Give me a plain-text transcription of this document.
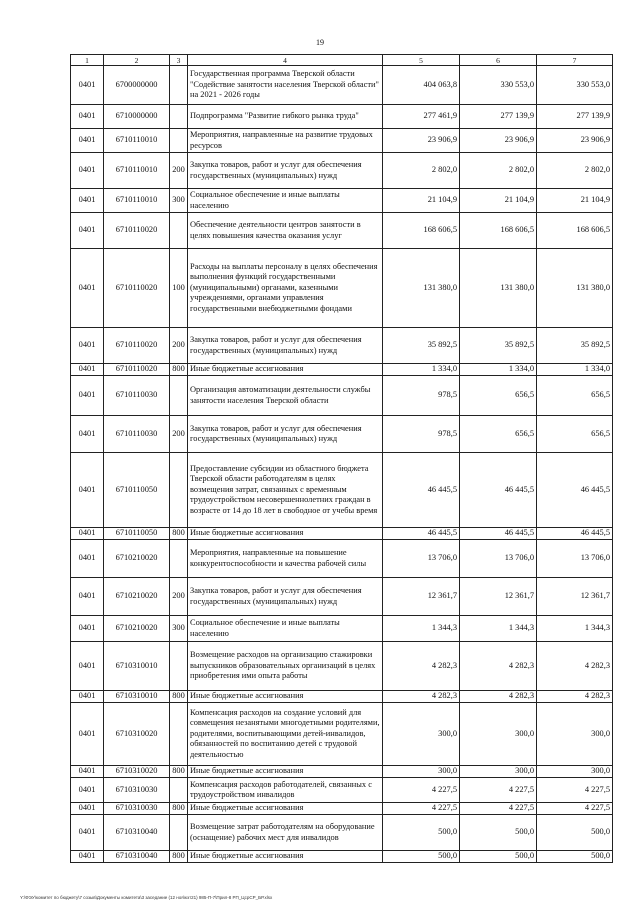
19
1	2	3	4	5	6	7
0401	6700000000		Государственная программа Тверской области "Содействие занятости населения Тверской области" на 2021 - 2026 годы	404 063,8	330 553,0	330 553,0
0401	6710000000		Подпрограмма "Развитие гибкого рынка труда"	277 461,9	277 139,9	277 139,9
0401	6710110010		Мероприятия, направленные на развитие трудовых ресурсов	23 906,9	23 906,9	23 906,9
0401	6710110010	200	Закупка товаров, работ и услуг для обеспечения государственных (муниципальных) нужд	2 802,0	2 802,0	2 802,0
0401	6710110010	300	Социальное обеспечение и иные выплаты населению	21 104,9	21 104,9	21 104,9
0401	6710110020		Обеспечение деятельности центров занятости в целях повышения качества оказания услуг	168 606,5	168 606,5	168 606,5
0401	6710110020	100	Расходы на выплаты персоналу в целях обеспечения выполнения функций государственными (муниципальными) органами, казенными учреждениями, органами управления государственными внебюджетными фондами	131 380,0	131 380,0	131 380,0
0401	6710110020	200	Закупка товаров, работ и услуг для обеспечения государственных (муниципальных) нужд	35 892,5	35 892,5	35 892,5
0401	6710110020	800	Иные бюджетные ассигнования	1 334,0	1 334,0	1 334,0
0401	6710110030		Организация автоматизации деятельности службы занятости населения Тверской области	978,5	656,5	656,5
0401	6710110030	200	Закупка товаров, работ и услуг для обеспечения государственных (муниципальных) нужд	978,5	656,5	656,5
0401	6710110050		Предоставление субсидии из областного бюджета Тверской области работодателям в целях возмещения затрат, связанных с временным трудоустройством несовершеннолетних граждан в возрасте от 14 до 18 лет в свободное от учебы время	46 445,5	46 445,5	46 445,5
0401	6710110050	800	Иные бюджетные ассигнования	46 445,5	46 445,5	46 445,5
0401	6710210020		Мероприятия, направленные на повышение конкурентоспособности и качества рабочей силы	13 706,0	13 706,0	13 706,0
0401	6710210020	200	Закупка товаров, работ и услуг для обеспечения государственных (муниципальных) нужд	12 361,7	12 361,7	12 361,7
0401	6710210020	300	Социальное обеспечение и иные выплаты населению	1 344,3	1 344,3	1 344,3
0401	6710310010		Возмещение расходов на организацию стажировки выпускников образовательных организаций в целях приобретения ими опыта работы	4 282,3	4 282,3	4 282,3
0401	6710310010	800	Иные бюджетные ассигнования	4 282,3	4 282,3	4 282,3
0401	6710310020		Компенсация расходов на создание условий для совмещения незанятыми многодетными родителями, родителями, воспитывающими детей-инвалидов, обязанностей по воспитанию детей с трудовой деятельностью	300,0	300,0	300,0
0401	6710310020	800	Иные бюджетные ассигнования	300,0	300,0	300,0
0401	6710310030		Компенсация расходов работодателей, связанных с трудоустройством инвалидов	4 227,5	4 227,5	4 227,5
0401	6710310030	800	Иные бюджетные ассигнования	4 227,5	4 227,5	4 227,5
0401	6710310040		Возмещение затрат работодателям на оборудование (оснащение) рабочих мест для инвалидов	500,0	500,0	500,0
0401	6710310040	800	Иные бюджетные ассигнования	500,0	500,0	500,0
Y:\ФЭУ\комитет по бюджету\7 созыв\Документы комитета\3 заседание (12 ноя\кэт21) 985-П-7\Прил-8 РП_ЦсрСР_БР.xlsx
